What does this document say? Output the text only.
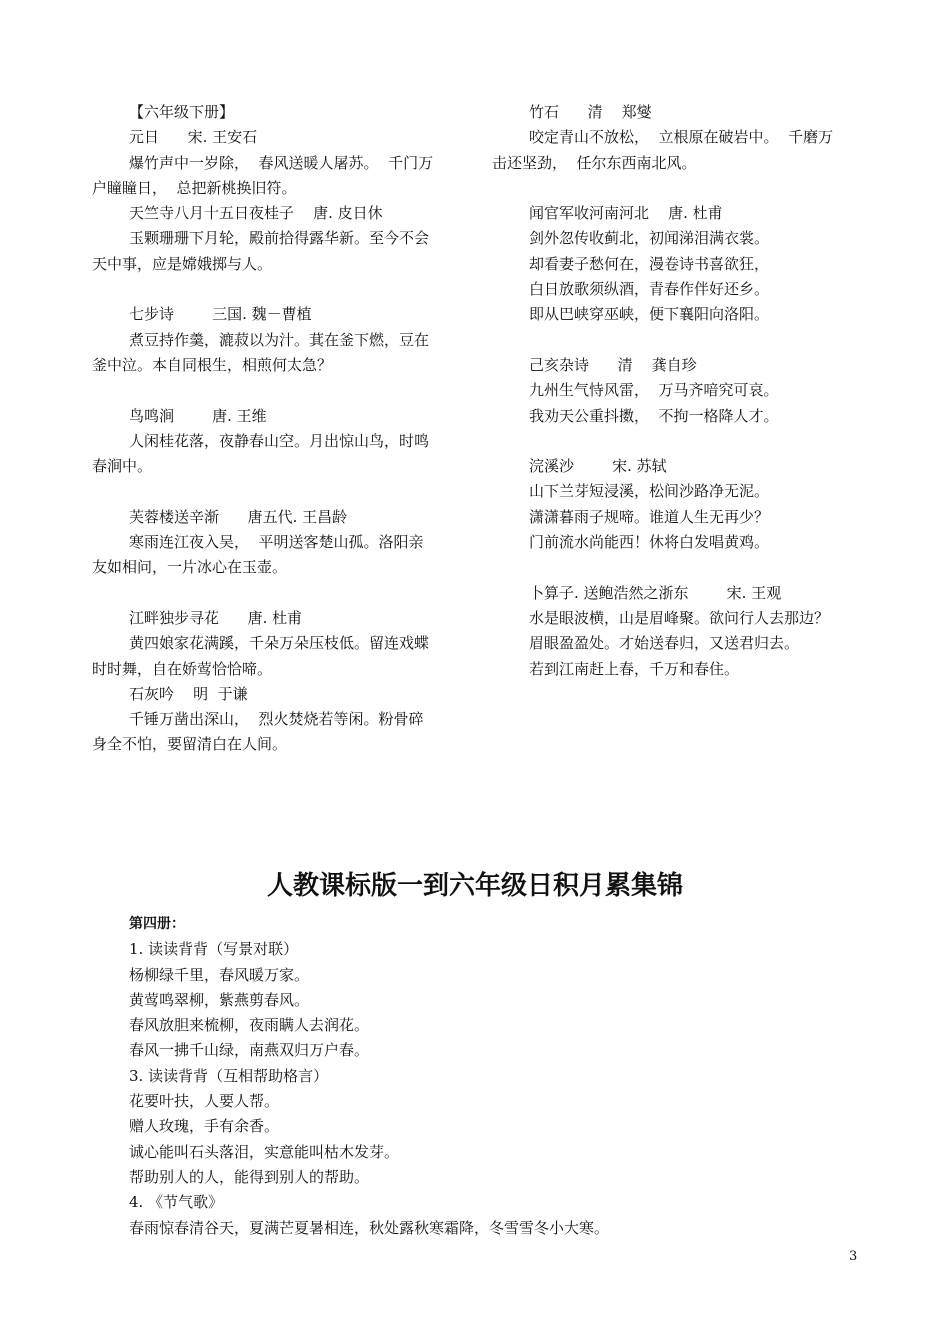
【六年级下册】
元日      宋. 王安石
爆竹声中一岁除，  春风送暖人屠苏。  千门万
户瞳瞳日，  总把新桃换旧符。
天竺寺八月十五日夜桂子    唐. 皮日休
玉颗珊珊下月轮，殿前拾得露华新。至今不会
天中事，应是嫦娥掷与人。
七步诗        三国. 魏－曹植
煮豆持作羹，漉菽以为汁。萁在釜下燃，豆在
釜中泣。本自同根生，相煎何太急？
鸟鸣涧        唐. 王维
人闲桂花落，夜静春山空。月出惊山鸟，时鸣
春涧中。
芙蓉楼送辛渐      唐五代. 王昌龄
寒雨连江夜入吴，  平明送客楚山孤。洛阳亲
友如相问，一片冰心在玉壶。
江畔独步寻花      唐. 杜甫
黄四娘家花满蹊，千朵万朵压枝低。留连戏蝶
时时舞，自在娇莺恰恰啼。
石灰吟    明  于谦
千锤万凿出深山，  烈火焚烧若等闲。粉骨碎
身全不怕，要留清白在人间。
竹石      清    郑燮
咬定青山不放松，  立根原在破岩中。  千磨万
击还坚劲，  任尔东西南北风。
闻官军收河南河北    唐. 杜甫
剑外忽传收蓟北，初闻涕泪满衣裳。
却看妻子愁何在，漫卷诗书喜欲狂，
白日放歌须纵酒，青春作伴好还乡。
即从巴峡穿巫峡，便下襄阳向洛阳。
己亥杂诗      清    龚自珍
九州生气恃风雷，  万马齐喑究可哀。
我劝天公重抖擞，  不拘一格降人才。
浣溪沙        宋. 苏轼
山下兰芽短浸溪，松间沙路净无泥。
潇潇暮雨子规啼。谁道人生无再少？
门前流水尚能西！休将白发唱黄鸡。
卜算子. 送鲍浩然之浙东        宋. 王观
水是眼波横，山是眉峰聚。欲问行人去那边？
眉眼盈盈处。才始送春归，又送君归去。
若到江南赶上春，千万和春住。
人教课标版一到六年级日积月累集锦
第四册：
1. 读读背背（写景对联）
杨柳绿千里，春风暖万家。
黄莺鸣翠柳，紫燕剪春风。
春风放胆来梳柳，夜雨瞒人去润花。
春风一拂千山绿，南燕双归万户春。
3. 读读背背（互相帮助格言）
花要叶扶，人要人帮。
赠人玫瑰，手有余香。
诚心能叫石头落泪，实意能叫枯木发芽。
帮助别人的人，能得到别人的帮助。
4. 《节气歌》
春雨惊春清谷天，夏满芒夏暑相连，秋处露秋寒霜降，冬雪雪冬小大寒。
3
